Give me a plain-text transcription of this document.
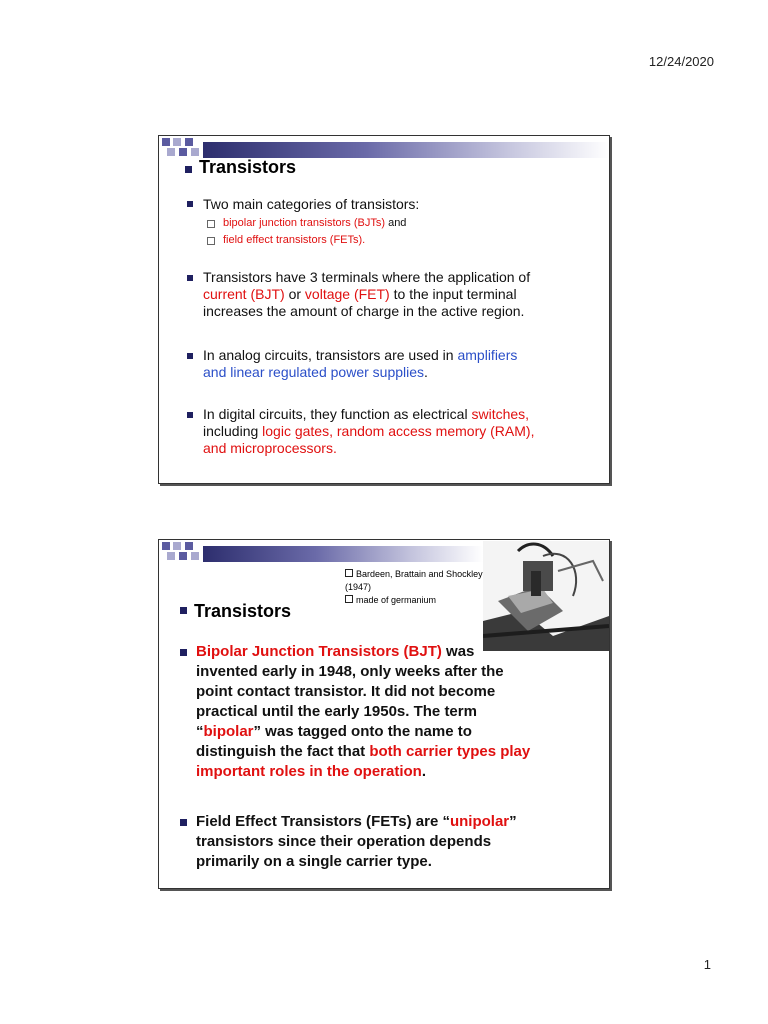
12/24/2020
Transistors
Two main categories of transistors:
bipolar junction transistors (BJTs) and
field effect transistors (FETs).
Transistors have 3 terminals where the application of
current (BJT) or voltage (FET) to the input terminal
increases the amount of charge in the active region.
In analog circuits, transistors are used in amplifiers
and linear regulated power supplies.
In digital circuits, they function as electrical switches,
including logic gates, random access memory (RAM),
and microprocessors.
Bardeen, Brattain and Shockley (1947)
made of germanium
Transistors
Bipolar Junction Transistors (BJT) was
invented early in 1948, only weeks after the
point contact transistor. It did not become
practical until the early 1950s. The term
“bipolar” was tagged onto the name to
distinguish the fact that both carrier types play
important roles in the operation.
Field Effect Transistors (FETs) are “unipolar”
transistors since their operation depends
primarily on a single carrier type.
1
